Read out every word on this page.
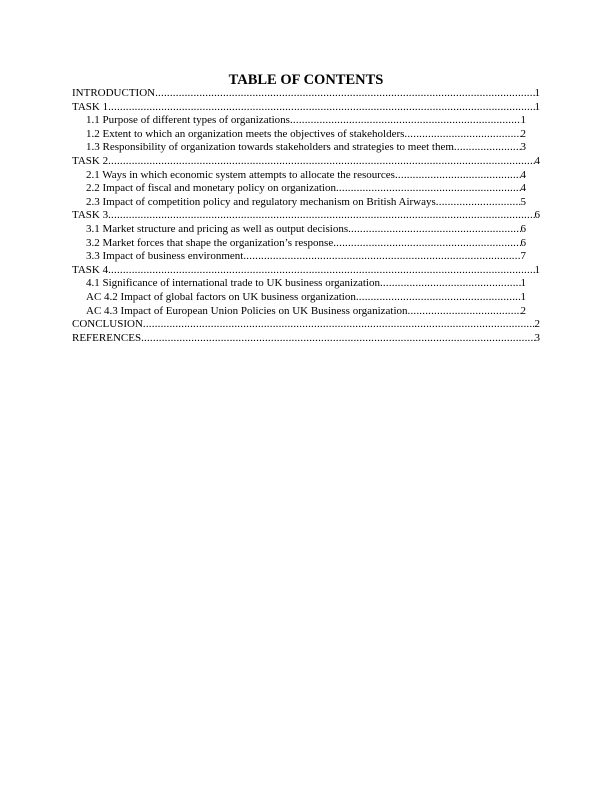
TABLE OF CONTENTS
INTRODUCTION .....	1
TASK 1 .....	1
1.1 Purpose of different types of organizations .....	1
1.2 Extent to which an organization meets the objectives of stakeholders .....	2
1.3 Responsibility of organization towards stakeholders and strategies to meet them .....	3
TASK 2 .....	4
2.1 Ways in which economic system attempts to allocate the resources .....	4
2.2 Impact of fiscal and monetary policy on organization .....	4
2.3 Impact of competition policy and regulatory mechanism on British Airways .....	5
TASK 3 .....	6
3.1 Market structure and pricing as well as output decisions .....	6
3.2 Market forces that shape the organization’s response .....	6
3.3 Impact of business environment .....	7
TASK 4 .....	1
4.1 Significance of international trade to UK business organization .....	1
AC 4.2 Impact of global factors on UK business organization .....	1
AC 4.3 Impact of European Union Policies on UK Business organization .....	2
CONCLUSION .....	2
REFERENCES .....	3
